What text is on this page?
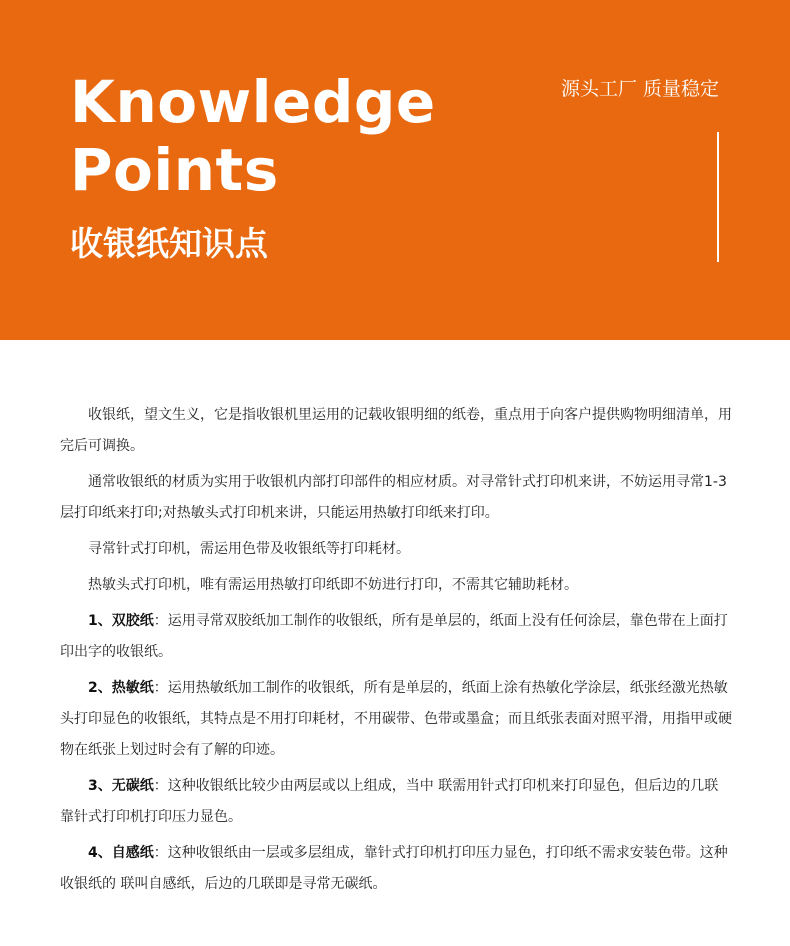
Knowledge
Points
收银纸知识点
源头工厂 质量稳定

收银纸，望文生义，它是指收银机里运用的记载收银明细的纸卷，重点用于向客户提供购物明细清单，用完后可调换。

通常收银纸的材质为实用于收银机内部打印部件的相应材质。对寻常针式打印机来讲，不妨运用寻常1-3层打印纸来打印;对热敏头式打印机来讲，只能运用热敏打印纸来打印。

寻常针式打印机，需运用色带及收银纸等打印耗材。

热敏头式打印机，唯有需运用热敏打印纸即不妨进行打印，不需其它辅助耗材。

1、双胶纸：运用寻常双胶纸加工制作的收银纸，所有是单层的，纸面上没有任何涂层，靠色带在上面打印出字的收银纸。

2、热敏纸：运用热敏纸加工制作的收银纸，所有是单层的，纸面上涂有热敏化学涂层，纸张经激光热敏头打印显色的收银纸，其特点是不用打印耗材，不用碳带、色带或墨盒；而且纸张表面对照平滑，用指甲或硬物在纸张上划过时会有了解的印迹。

3、无碳纸：这种收银纸比较少由两层或以上组成，当中 联需用针式打印机来打印显色，但后边的几联靠针式打印机打印压力显色。

4、自感纸：这种收银纸由一层或多层组成，靠针式打印机打印压力显色，打印纸不需求安装色带。这种收银纸的 联叫自感纸，后边的几联即是寻常无碳纸。
